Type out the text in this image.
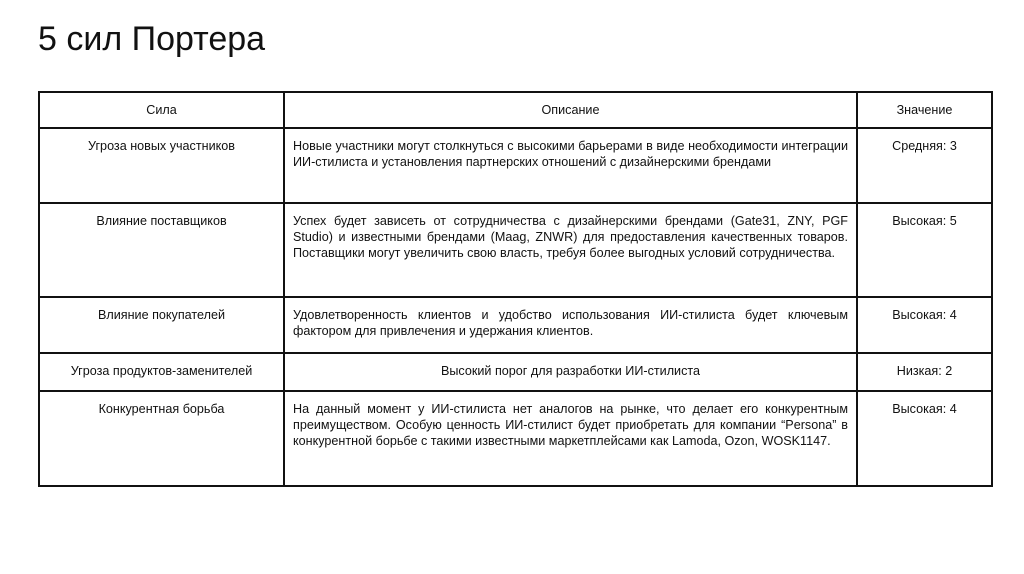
5 сил Портера
Сила	Описание	Значение
Угроза новых участников	Новые участники могут столкнуться с высокими барьерами в виде необходимости интеграции ИИ-стилиста и установления партнерских отношений с дизайнерскими брендами	Средняя: 3
Влияние поставщиков	Успех будет зависеть от сотрудничества с дизайнерскими брендами (Gate31, ZNY, PGF Studio) и известными брендами (Maag, ZNWR) для предоставления качественных товаров. Поставщики могут увеличить свою власть, требуя более выгодных условий сотрудничества.	Высокая: 5
Влияние покупателей	Удовлетворенность клиентов и удобство использования ИИ-стилиста будет ключевым фактором для привлечения и удержания клиентов.	Высокая: 4
Угроза продуктов-заменителей	Высокий порог для разработки ИИ-стилиста	Низкая: 2
Конкурентная борьба	На данный момент у ИИ-стилиста нет аналогов на рынке, что делает его конкурентным преимуществом. Особую ценность ИИ-стилист будет приобретать для компании “Persona” в конкурентной борьбе с такими известными маркетплейсами как Lamoda, Ozon, WOSK1147.	Высокая: 4
